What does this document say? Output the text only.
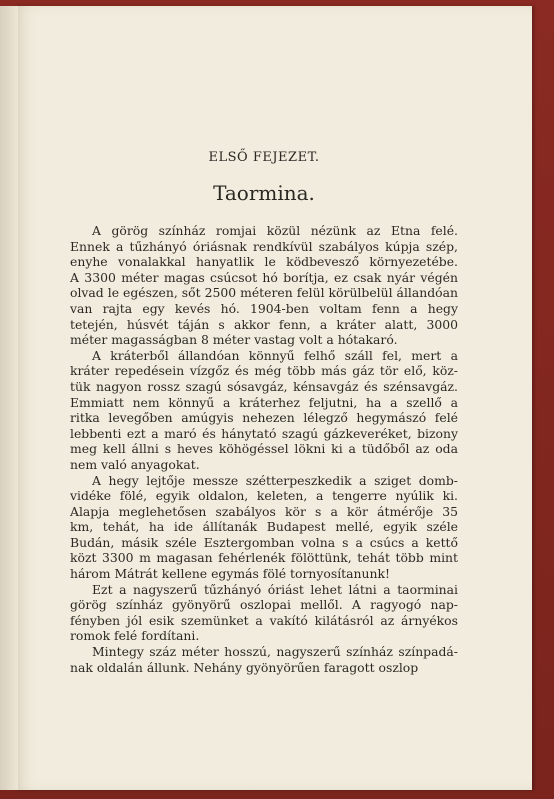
ELSŐ FEJEZET.
Taormina.

A görög színház romjai közül nézünk az Etna felé.
Ennek a tűzhányó óriásnak rendkívül szabályos kúpja szép,
enyhe vonalakkal hanyatlik le ködbevesző környezetébe.
A 3300 méter magas csúcsot hó borítja, ez csak nyár végén
olvad le egészen, sőt 2500 méteren felül körülbelül állandóan
van rajta egy kevés hó. 1904-ben voltam fenn a hegy
tetején, húsvét táján s akkor fenn, a kráter alatt, 3000
méter magasságban 8 méter vastag volt a hótakaró.

A kráterből állandóan könnyű felhő száll fel, mert a
kráter repedésein vízgőz és még több más gáz tör elő, köz-
tük nagyon rossz szagú sósavgáz, kénsavgáz és szénsavgáz.
Emmiatt nem könnyű a kráterhez feljutni, ha a szellő a
ritka levegőben amúgyis nehezen lélegző hegymászó felé
lebbenti ezt a maró és hánytató szagú gázkeveréket, bizony
meg kell állni s heves köhögéssel lökni ki a tüdőből az oda
nem való anyagokat.

A hegy lejtője messze szétterpeszkedik a sziget domb-
vidéke fölé, egyik oldalon, keleten, a tengerre nyúlik ki.
Alapja meglehetősen szabályos kör s a kör átmérője 35
km, tehát, ha ide állítanák Budapest mellé, egyik széle
Budán, másik széle Esztergomban volna s a csúcs a kettő
közt 3300 m magasan fehérlenék fölöttünk, tehát több mint
három Mátrát kellene egymás fölé tornyosítanunk!

Ezt a nagyszerű tűzhányó óriást lehet látni a taorminai
görög színház gyönyörű oszlopai mellől. A ragyogó nap-
fényben jól esik szemünket a vakító kilátásról az árnyékos
romok felé fordítani.

Mintegy száz méter hosszú, nagyszerű színház színpadá-
nak oldalán állunk. Nehány gyönyörűen faragott oszlop
